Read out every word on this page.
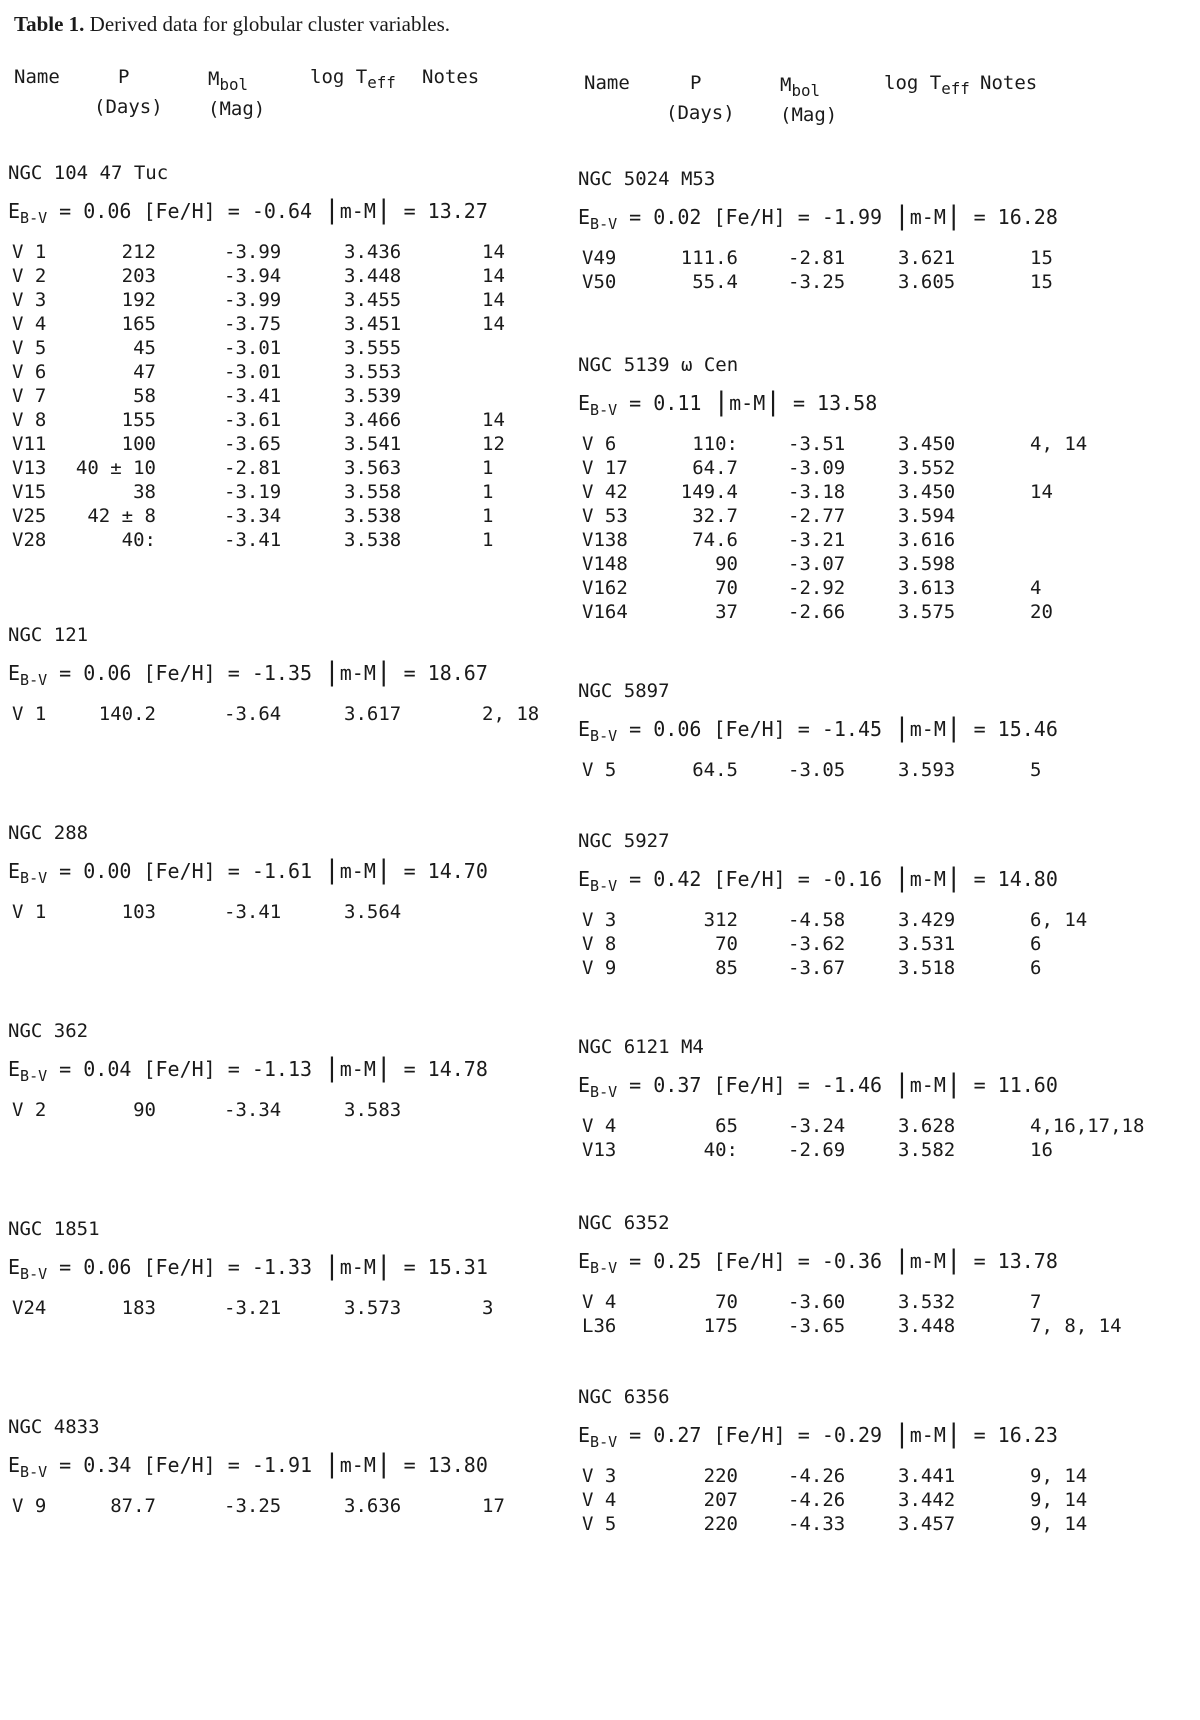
Table 1. Derived data for globular cluster variables.
Name	P
(Days)
$M_{bol}$
(Mag)
$\log T_{eff}$ Notes
NGC 104 47 Tuc
$E_{B-V} = 0.06$ [Fe/H] = -0.64 |m-M| = 13.27
V 1	212	-3.99	3.436	14
V 2	203	-3.94	3.448	14
V 3	192	-3.99	3.455	14
V 4	165	-3.75	3.451	14
V 5	45	-3.01	3.555
V 6	47	-3.01	3.553
V 7	58	-3.41	3.539
V 8	155	-3.61	3.466	14
V11	100	-3.65	3.541	12
V13 40 ± 10	-2.81	3.563	1
V15	38	-3.19	3.558	1
V25 42 ± 8	-3.34	3.538	1
V28	40:	-3.41	3.538	1
NGC 121
$E_{B-V} = 0.06$ [Fe/H] = -1.35 |m-M| = 18.67
V 1	140.2	-3.64	3.617	2, 18
NGC 288
$E_{B-V} = 0.00$ [Fe/H] = -1.61 |m-M| = 14.70
V 1	103	-3.41	3.564
NGC 362
$E_{B-V} = 0.04$ [Fe/H] = -1.13 |m-M| = 14.78
V 2	90	-3.34	3.583
NGC 1851
$E_{B-V} = 0.06$ [Fe/H] = -1.33 |m-M| = 15.31
V24	183	-3.21	3.573	3
NGC 4833
$E_{B-V} = 0.34$ [Fe/H] = -1.91 |m-M| = 13.80
V 9	87.7	-3.25	3.636	17
Name	P
(Days)
$M_{bol}$
(Mag)
$\log T_{eff}$ Notes
NGC 5024 M53
$E_{B-V} = 0.02$ [Fe/H] = -1.99 |m-M| = 16.28
V49	111.6	-2.81	3.621	15
V50	55.4	-3.25	3.605	15
NGC 5139 ω Cen
$E_{B-V} = 0.11$ |m-M| = 13.58
V 6	110:	-3.51	3.450	4, 14
V 17	64.7	-3.09	3.552
V 42	149.4	-3.18	3.450	14
V 53	32.7	-2.77	3.594
V138	74.6	-3.21	3.616
V148	90	-3.07	3.598
V162	70	-2.92	3.613	4
V164	37	-2.66	3.575	20
NGC 5897
$E_{B-V} = 0.06$ [Fe/H] = -1.45 |m-M| = 15.46
V 5	64.5	-3.05	3.593	5
NGC 5927
$E_{B-V} = 0.42$ [Fe/H] = -0.16 |m-M| = 14.80
V 3	312	-4.58	3.429	6, 14
V 8	70	-3.62	3.531	6
V 9	85	-3.67	3.518	6
NGC 6121 M4
$E_{B-V} = 0.37$ [Fe/H] = -1.46 |m-M| = 11.60
V 4	65	-3.24	3.628	4,16,17,18
V13	40:	-2.69	3.582	16
NGC 6352
$E_{B-V} = 0.25$ [Fe/H] = -0.36 |m-M| = 13.78
V 4	70	-3.60	3.532	7
L36	175	-3.65	3.448	7, 8, 14
NGC 6356
$E_{B-V} = 0.27$ [Fe/H] = -0.29 |m-M| = 16.23
V 3	220	-4.26	3.441	9, 14
V 4	207	-4.26	3.442	9, 14
V 5	220	-4.33	3.457	9, 14
